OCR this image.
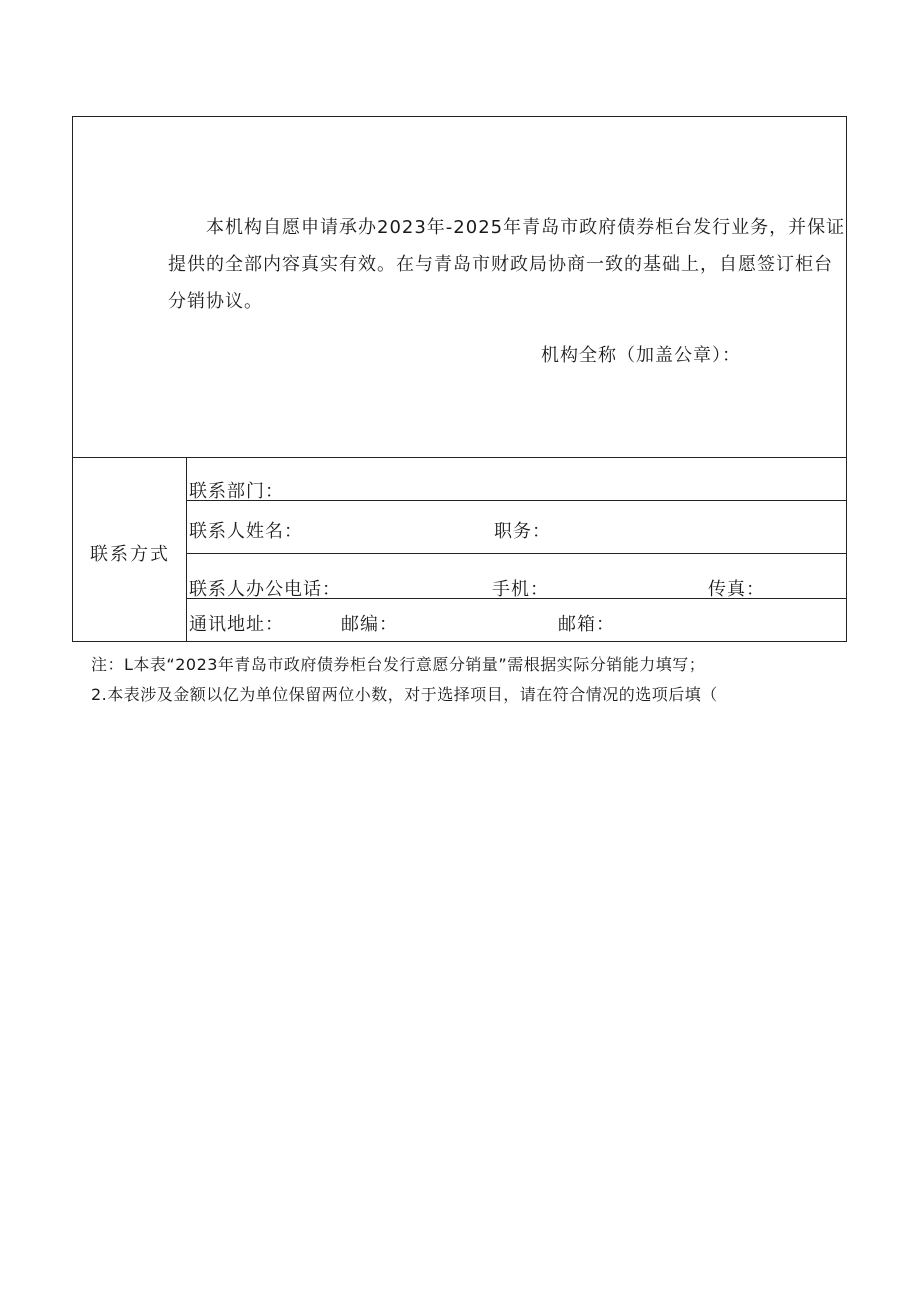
本机构自愿申请承办2023年-2025年青岛市政府债券柜台发行业务，并保证提供的全部内容真实有效。在与青岛市财政局协商一致的基础上，自愿签订柜台分销协议。

机构全称（加盖公章）：
联系方式
联系部门：
联系人姓名：	职务：
联系人办公电话：	手机：	传真：
通讯地址：	邮编：	邮箱：
注：L本表“2023年青岛市政府债券柜台发行意愿分销量”需根据实际分销能力填写；
2.本表涉及金额以亿为单位保留两位小数，对于选择项目，请在符合情况的选项后填（
